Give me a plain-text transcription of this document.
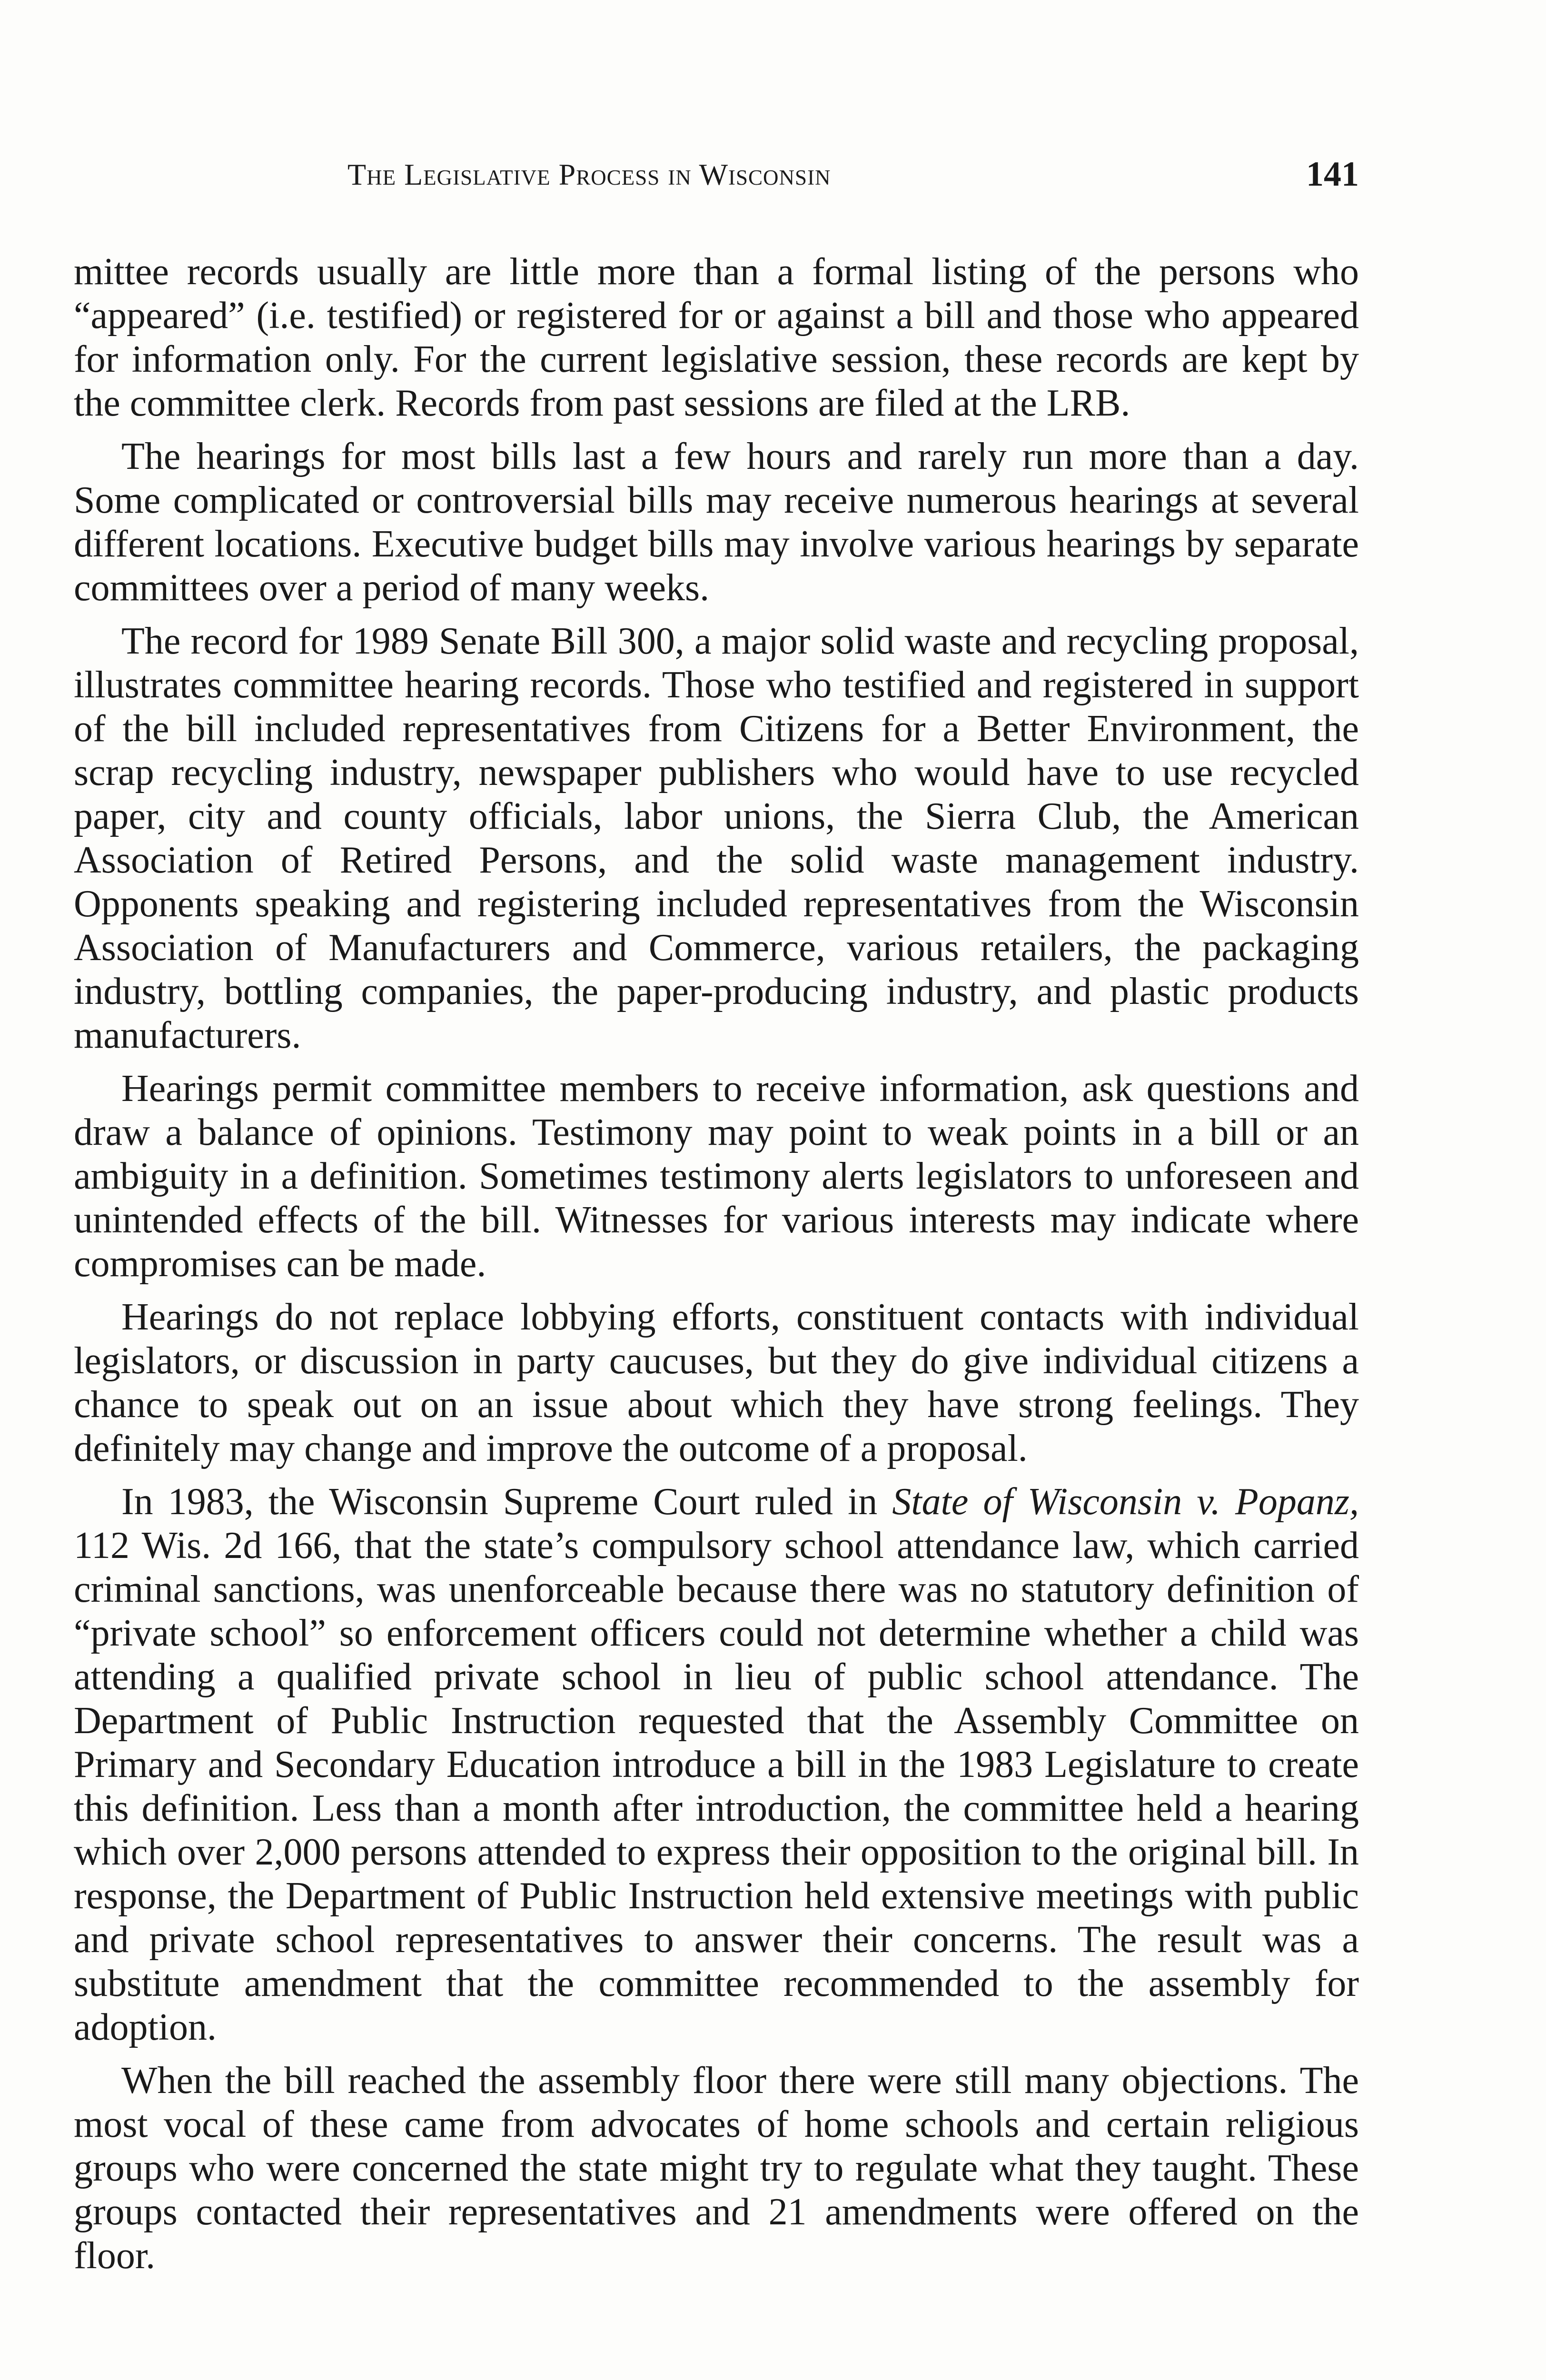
The Legislative Process in Wisconsin	141

mittee records usually are little more than a formal listing of the persons who “appeared” (i.e. testified) or registered for or against a bill and those who appeared for information only. For the current legislative session, these records are kept by the committee clerk. Records from past sessions are filed at the LRB.

The hearings for most bills last a few hours and rarely run more than a day. Some complicated or controversial bills may receive numerous hearings at several different locations. Executive budget bills may involve various hearings by separate committees over a period of many weeks.

The record for 1989 Senate Bill 300, a major solid waste and recycling proposal, illustrates committee hearing records. Those who testified and registered in support of the bill included representatives from Citizens for a Better Environment, the scrap recycling industry, newspaper publishers who would have to use recycled paper, city and county officials, labor unions, the Sierra Club, the American Association of Retired Persons, and the solid waste management industry. Opponents speaking and registering included representatives from the Wisconsin Association of Manufacturers and Commerce, various retailers, the packaging industry, bottling companies, the paper-producing industry, and plastic products manufacturers.

Hearings permit committee members to receive information, ask questions and draw a balance of opinions. Testimony may point to weak points in a bill or an ambiguity in a definition. Sometimes testimony alerts legislators to unforeseen and unintended effects of the bill. Witnesses for various interests may indicate where compromises can be made.

Hearings do not replace lobbying efforts, constituent contacts with individual legislators, or discussion in party caucuses, but they do give individual citizens a chance to speak out on an issue about which they have strong feelings. They definitely may change and improve the outcome of a proposal.

In 1983, the Wisconsin Supreme Court ruled in State of Wisconsin v. Popanz, 112 Wis. 2d 166, that the state’s compulsory school attendance law, which carried criminal sanctions, was unenforceable because there was no statutory definition of “private school” so enforcement officers could not determine whether a child was attending a qualified private school in lieu of public school attendance. The Department of Public Instruction requested that the Assembly Committee on Primary and Secondary Education introduce a bill in the 1983 Legislature to create this definition. Less than a month after introduction, the committee held a hearing which over 2,000 persons attended to express their opposition to the original bill. In response, the Department of Public Instruction held extensive meetings with public and private school representatives to answer their concerns. The result was a substitute amendment that the committee recommended to the assembly for adoption.

When the bill reached the assembly floor there were still many objections. The most vocal of these came from advocates of home schools and certain religious groups who were concerned the state might try to regulate what they taught. These groups contacted their representatives and 21 amendments were offered on the floor.
